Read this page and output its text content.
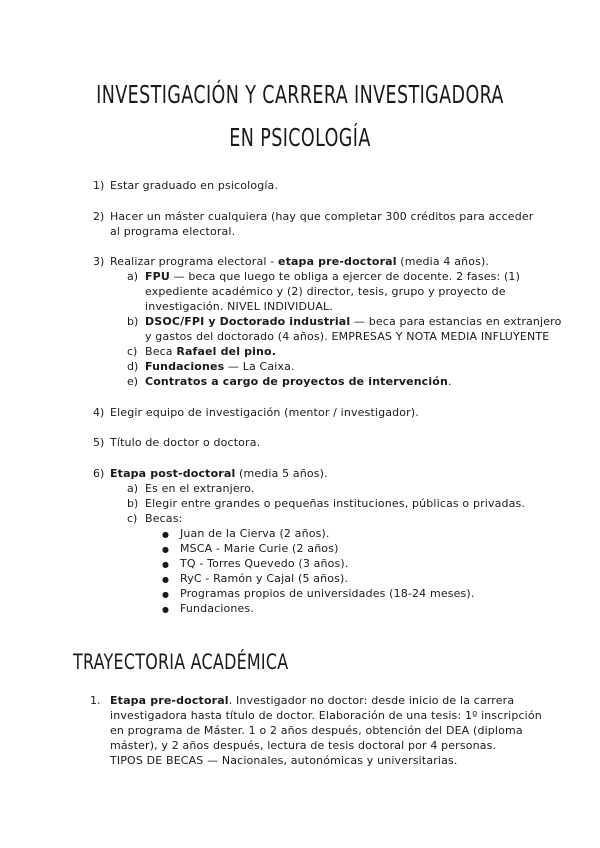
INVESTIGACIÓN Y CARRERA INVESTIGADORA
EN PSICOLOGÍA
1) Estar graduado en psicología.
2) Hacer un máster cualquiera (hay que completar 300 créditos para acceder
al programa electoral.
3) Realizar programa electoral - etapa pre-doctoral (media 4 años).
a) FPU — beca que luego te obliga a ejercer de docente. 2 fases: (1)
expediente académico y (2) director, tesis, grupo y proyecto de
investigación. NIVEL INDIVIDUAL.
b) DSOC/FPI y Doctorado industrial — beca para estancias en extranjero
y gastos del doctorado (4 años). EMPRESAS Y NOTA MEDIA INFLUYENTE
c) Beca Rafael del pino.
d) Fundaciones — La Caixa.
e) Contratos a cargo de proyectos de intervención.
4) Elegir equipo de investigación (mentor / investigador).
5) Título de doctor o doctora.
6) Etapa post-doctoral (media 5 años).
a) Es en el extranjero.
b) Elegir entre grandes o pequeñas instituciones, públicas o privadas.
c) Becas:
● Juan de la Cierva (2 años).
● MSCA - Marie Curie (2 años)
● TQ - Torres Quevedo (3 años).
● RyC - Ramón y Cajal (5 años).
● Programas propios de universidades (18-24 meses).
● Fundaciones.
TRAYECTORIA ACADÉMICA
1. Etapa pre-doctoral. Investigador no doctor: desde inicio de la carrera
investigadora hasta título de doctor. Elaboración de una tesis: 1º inscripción
en programa de Máster. 1 o 2 años después, obtención del DEA (diploma
máster), y 2 años después, lectura de tesis doctoral por 4 personas.
TIPOS DE BECAS — Nacionales, autonómicas y universitarias.
